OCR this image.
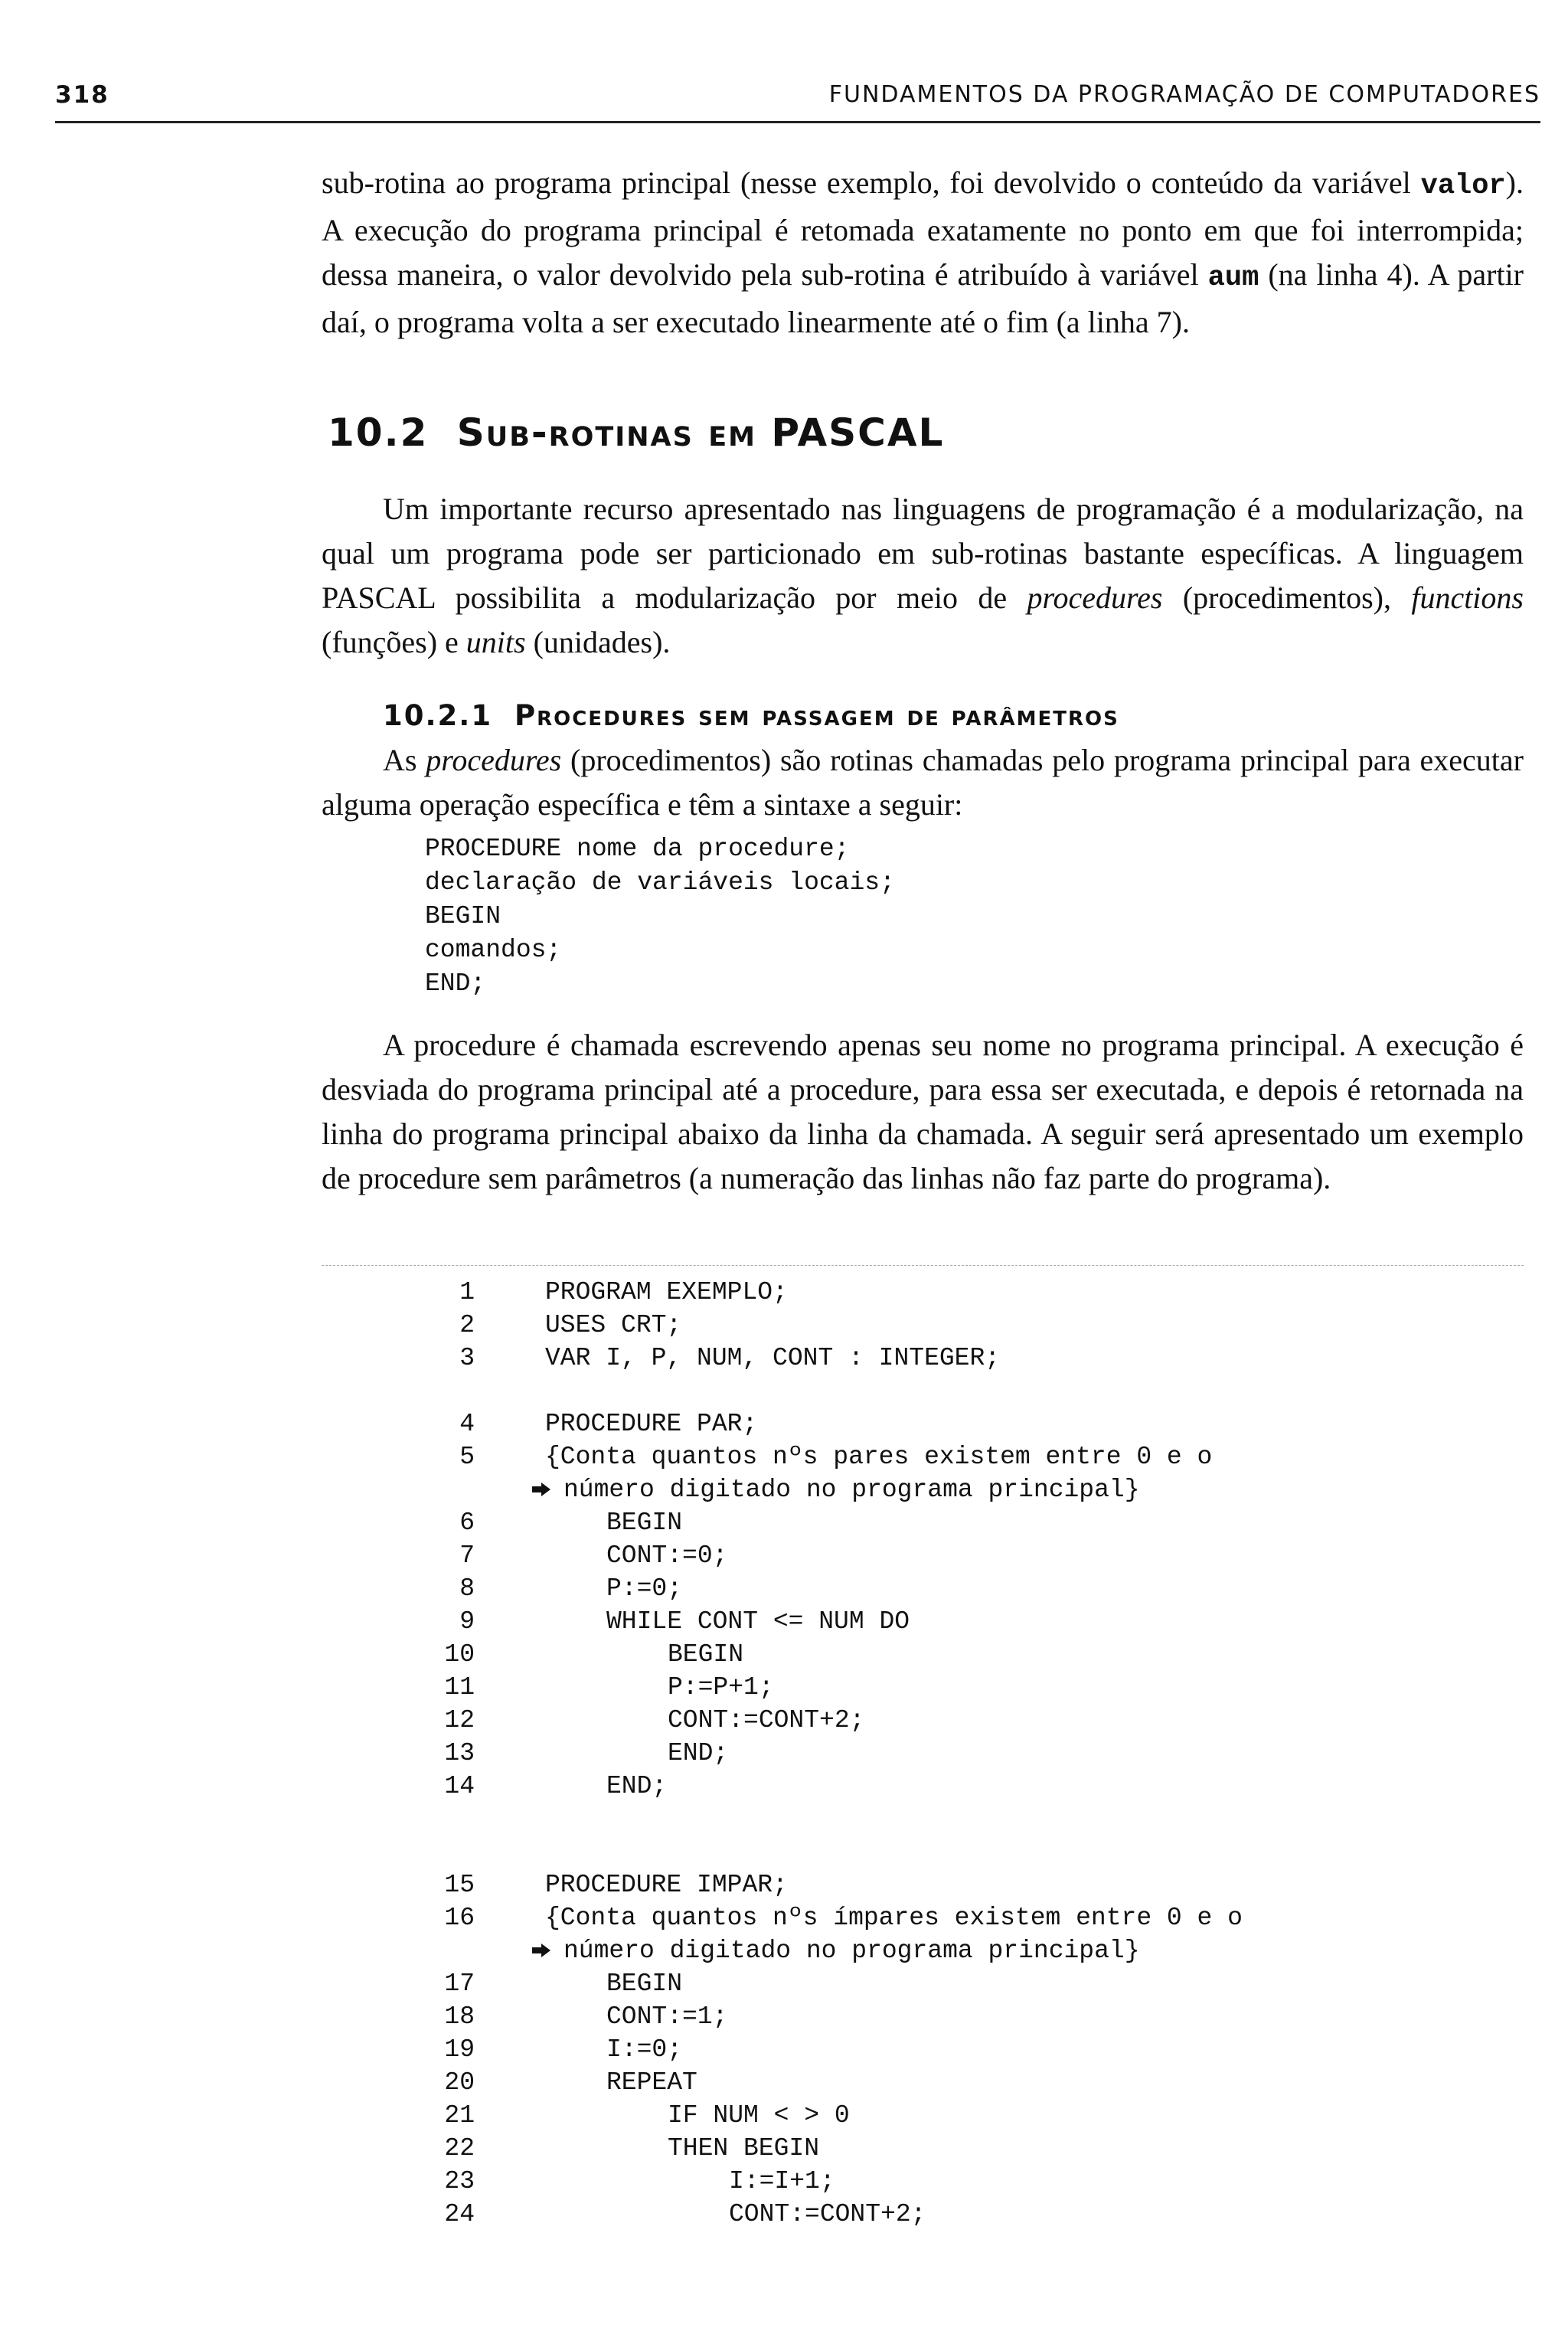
318	FUNDAMENTOS DA PROGRAMAÇÃO DE COMPUTADORES

sub-rotina ao programa principal (nesse exemplo, foi devolvido o conteúdo da variável valor). A execução do programa principal é retomada exatamente no ponto em que foi interrompida; dessa maneira, o valor devolvido pela sub-rotina é atribuído à variável aum (na linha 4). A partir daí, o programa volta a ser executado linearmente até o fim (a linha 7).

10.2 Sub-rotinas em PASCAL

Um importante recurso apresentado nas linguagens de programação é a modularização, na qual um programa pode ser particionado em sub-rotinas bastante específicas. A linguagem PASCAL possibilita a modularização por meio de procedures (procedimentos), functions (funções) e units (unidades).

10.2.1 Procedures sem passagem de parâmetros

As procedures (procedimentos) são rotinas chamadas pelo programa principal para executar alguma operação específica e têm a sintaxe a seguir:

PROCEDURE nome da procedure;
declaração de variáveis locais;
BEGIN
comandos;
END;

A procedure é chamada escrevendo apenas seu nome no programa principal. A execução é desviada do programa principal até a procedure, para essa ser executada, e depois é retornada na linha do programa principal abaixo da linha da chamada. A seguir será apresentado um exemplo de procedure sem parâmetros (a numeração das linhas não faz parte do programa).

1	PROGRAM EXEMPLO;
2	USES CRT;
3	VAR I, P, NUM, CONT : INTEGER;
4	PROCEDURE PAR;
5	{Conta quantos nºs pares existem entre 0 e o
número digitado no programa principal}
6	BEGIN
7	CONT:=0;
8	P:=0;
9	WHILE CONT <= NUM DO
10	BEGIN
11	P:=P+1;
12	CONT:=CONT+2;
13	END;
14	END;
15	PROCEDURE IMPAR;
16	{Conta quantos nºs ímpares existem entre 0 e o
número digitado no programa principal}
17	BEGIN
18	CONT:=1;
19	I:=0;
20	REPEAT
21	IF NUM < > 0
22	THEN BEGIN
23	I:=I+1;
24	CONT:=CONT+2;
